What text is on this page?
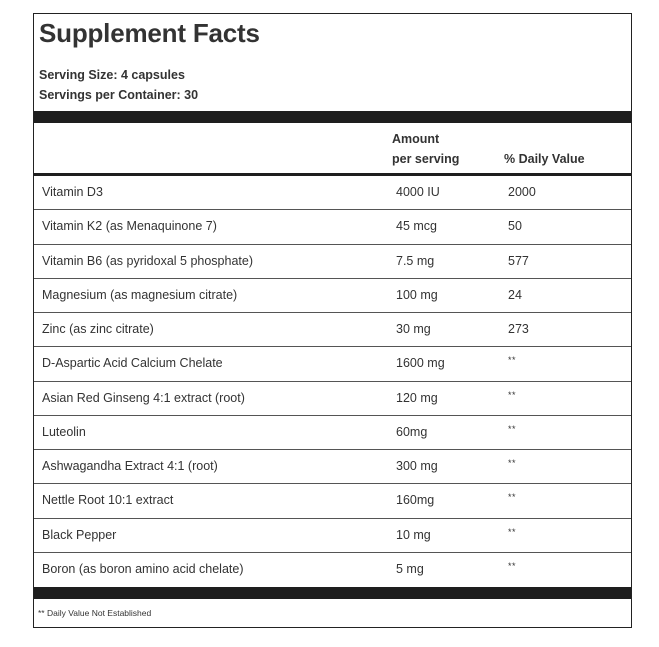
Supplement Facts
Serving Size: 4 capsules
Servings per Container: 30
Amount
per serving	% Daily Value
Vitamin D3	4000 IU	2000
Vitamin K2 (as Menaquinone 7)	45 mcg	50
Vitamin B6 (as pyridoxal 5 phosphate)	7.5 mg	577
Magnesium (as magnesium citrate)	100 mg	24
Zinc (as zinc citrate)	30 mg	273
D-Aspartic Acid Calcium Chelate	1600 mg	**
Asian Red Ginseng 4:1 extract (root)	120 mg	**
Luteolin	60mg	**
Ashwagandha Extract 4:1 (root)	300 mg	**
Nettle Root 10:1 extract	160mg	**
Black Pepper	10 mg	**
Boron (as boron amino acid chelate)	5 mg	**
** Daily Value Not Established
